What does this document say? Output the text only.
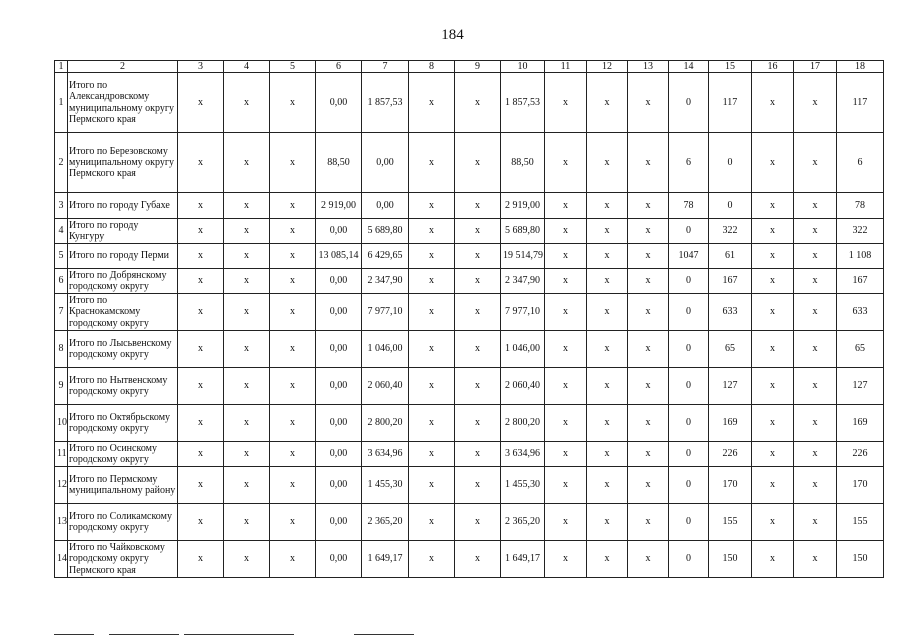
184
1	2	3	4	5	6	7	8	9	10	11	12	13	14	15	16	17	18
1	Итого по Александровскому муниципальному округу Пермского края	x	x	x	0,00	1 857,53	x	x	1 857,53	x	x	x	0	117	x	x	117
2	Итого по Березовскому муниципальному округу Пермского края	x	x	x	88,50	0,00	x	x	88,50	x	x	x	6	0	x	x	6
3	Итого по городу Губахе	x	x	x	2 919,00	0,00	x	x	2 919,00	x	x	x	78	0	x	x	78
4	Итого по городу Кунгуру	x	x	x	0,00	5 689,80	x	x	5 689,80	x	x	x	0	322	x	x	322
5	Итого по городу Перми	x	x	x	13 085,14	6 429,65	x	x	19 514,79	x	x	x	1047	61	x	x	1 108
6	Итого по Добрянскому городскому округу	x	x	x	0,00	2 347,90	x	x	2 347,90	x	x	x	0	167	x	x	167
7	Итого по Краснокамскому городскому округу	x	x	x	0,00	7 977,10	x	x	7 977,10	x	x	x	0	633	x	x	633
8	Итого по Лысьвенскому городскому округу	x	x	x	0,00	1 046,00	x	x	1 046,00	x	x	x	0	65	x	x	65
9	Итого по Нытвенскому городскому округу	x	x	x	0,00	2 060,40	x	x	2 060,40	x	x	x	0	127	x	x	127
10	Итого по Октябрьскому городскому округу	x	x	x	0,00	2 800,20	x	x	2 800,20	x	x	x	0	169	x	x	169
11	Итого по Осинскому городскому округу	x	x	x	0,00	3 634,96	x	x	3 634,96	x	x	x	0	226	x	x	226
12	Итого по Пермскому муниципальному району	x	x	x	0,00	1 455,30	x	x	1 455,30	x	x	x	0	170	x	x	170
13	Итого по Соликамскому городскому округу	x	x	x	0,00	2 365,20	x	x	2 365,20	x	x	x	0	155	x	x	155
14	Итого по Чайковскому городскому округу Пермского края	x	x	x	0,00	1 649,17	x	x	1 649,17	x	x	x	0	150	x	x	150
